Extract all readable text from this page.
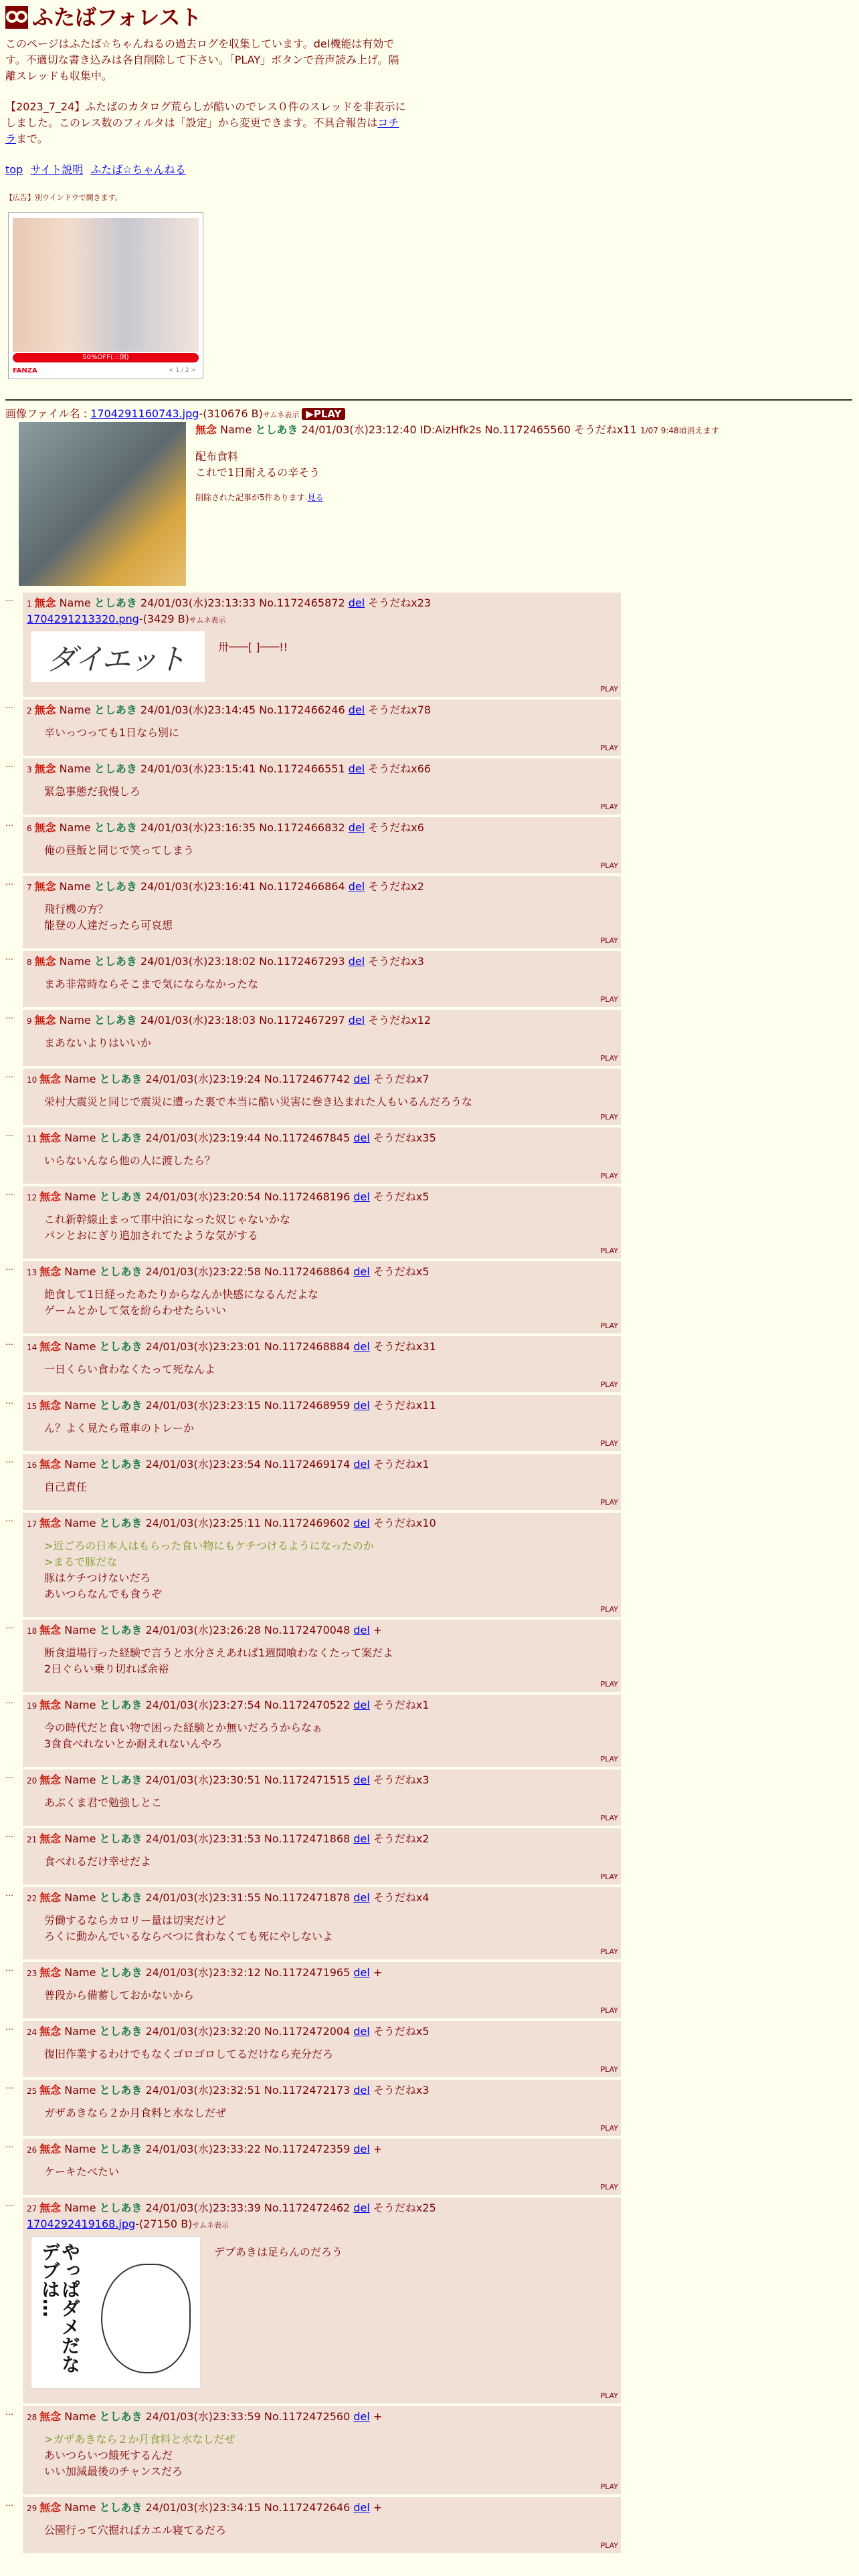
ふたばフォレスト

このページはふたば☆ちゃんねるの過去ログを収集しています。del機能は有効です。不適切な書き込みは各自削除して下さい。「PLAY」ボタンで音声読み上げ。隔離スレッドも収集中。

【2023_7_24】ふたばのカタログ荒らしが酷いのでレス０件のスレッドを非表示にしました。このレス数のフィルタは「設定」から変更できます。不具合報告はコチラまで。

top サイト説明 ふたば☆ちゃんねる
【広告】別ウインドウで開きます。
50%OFF(三個)
FANZA	< 1 / 2 >
画像ファイル名 : 1704291160743.jpg-(310676 B)サムネ表示 ▶PLAY
無念 Name としあき 24/01/03(水)23:12:40 ID:AizHfk2s No.1172465560 そうだねx11 1/07 9:48頃消えます
配布食料
これで1日耐えるの辛そう
削除された記事が5件あります.見る
…
1 無念 Name としあき 24/01/03(水)23:13:33 No.1172465872 del そうだねx23
1704291213320.png-(3429 B)サムネ表示
ダイエット	卅───[ ]───!!
PLAY
…
2 無念 Name としあき 24/01/03(水)23:14:45 No.1172466246 del そうだねx78
辛いっつっても1日なら別に
PLAY
…
3 無念 Name としあき 24/01/03(水)23:15:41 No.1172466551 del そうだねx66
緊急事態だ我慢しろ
PLAY
…
6 無念 Name としあき 24/01/03(水)23:16:35 No.1172466832 del そうだねx6
俺の昼飯と同じで笑ってしまう
PLAY
…
7 無念 Name としあき 24/01/03(水)23:16:41 No.1172466864 del そうだねx2
飛行機の方？
能登の人達だったら可哀想
PLAY
…
8 無念 Name としあき 24/01/03(水)23:18:02 No.1172467293 del そうだねx3
まあ非常時ならそこまで気にならなかったな
PLAY
…
9 無念 Name としあき 24/01/03(水)23:18:03 No.1172467297 del そうだねx12
まあないよりはいいか
PLAY
…
10 無念 Name としあき 24/01/03(水)23:19:24 No.1172467742 del そうだねx7
栄村大震災と同じで震災に遭った裏で本当に酷い災害に巻き込まれた人もいるんだろうな
PLAY
…
11 無念 Name としあき 24/01/03(水)23:19:44 No.1172467845 del そうだねx35
いらないんなら他の人に渡したら？
PLAY
…
12 無念 Name としあき 24/01/03(水)23:20:54 No.1172468196 del そうだねx5
これ新幹線止まって車中泊になった奴じゃないかな
パンとおにぎり追加されてたような気がする
PLAY
…
13 無念 Name としあき 24/01/03(水)23:22:58 No.1172468864 del そうだねx5
絶食して1日経ったあたりからなんか快感になるんだよな
ゲームとかして気を紛らわせたらいい
PLAY
…
14 無念 Name としあき 24/01/03(水)23:23:01 No.1172468884 del そうだねx31
一日くらい食わなくたって死なんよ
PLAY
…
15 無念 Name としあき 24/01/03(水)23:23:15 No.1172468959 del そうだねx11
ん？よく見たら電車のトレーか
PLAY
…
16 無念 Name としあき 24/01/03(水)23:23:54 No.1172469174 del そうだねx1
自己責任
PLAY
…
17 無念 Name としあき 24/01/03(水)23:25:11 No.1172469602 del そうだねx10
>近ごろの日本人はもらった食い物にもケチつけるようになったのか
>まるで豚だな
豚はケチつけないだろ
あいつらなんでも食うぞ
PLAY
…
18 無念 Name としあき 24/01/03(水)23:26:28 No.1172470048 del +
断食道場行った経験で言うと水分さえあれば1週間喰わなくたって案だよ
2日ぐらい乗り切れば余裕
PLAY
…
19 無念 Name としあき 24/01/03(水)23:27:54 No.1172470522 del そうだねx1
今の時代だと食い物で困った経験とか無いだろうからなぁ
3食食べれないとか耐えれないんやろ
PLAY
…
20 無念 Name としあき 24/01/03(水)23:30:51 No.1172471515 del そうだねx3
あぶくま君で勉強しとこ
PLAY
…
21 無念 Name としあき 24/01/03(水)23:31:53 No.1172471868 del そうだねx2
食べれるだけ幸せだよ
PLAY
…
22 無念 Name としあき 24/01/03(水)23:31:55 No.1172471878 del そうだねx4
労働するならカロリー量は切実だけど
ろくに動かんでいるならべつに食わなくても死にやしないよ
PLAY
…
23 無念 Name としあき 24/01/03(水)23:32:12 No.1172471965 del +
普段から備蓄しておかないから
PLAY
…
24 無念 Name としあき 24/01/03(水)23:32:20 No.1172472004 del そうだねx5
復旧作業するわけでもなくゴロゴロしてるだけなら充分だろ
PLAY
…
25 無念 Name としあき 24/01/03(水)23:32:51 No.1172472173 del そうだねx3
ガザあきなら２か月食料と水なしだぜ
PLAY
…
26 無念 Name としあき 24/01/03(水)23:33:22 No.1172472359 del +
ケーキたべたい
PLAY
…
27 無念 Name としあき 24/01/03(水)23:33:39 No.1172472462 del そうだねx25
1704292419168.jpg-(27150 B)サムネ表示
やっぱダメだなデブは…	デブあきは足らんのだろう
PLAY
…
28 無念 Name としあき 24/01/03(水)23:33:59 No.1172472560 del +
>ガザあきなら２か月食料と水なしだぜ
あいつらいつ餓死するんだ
いい加減最後のチャンスだろ
PLAY
…
29 無念 Name としあき 24/01/03(水)23:34:15 No.1172472646 del +
公園行って穴掘ればカエル寝てるだろ
PLAY
